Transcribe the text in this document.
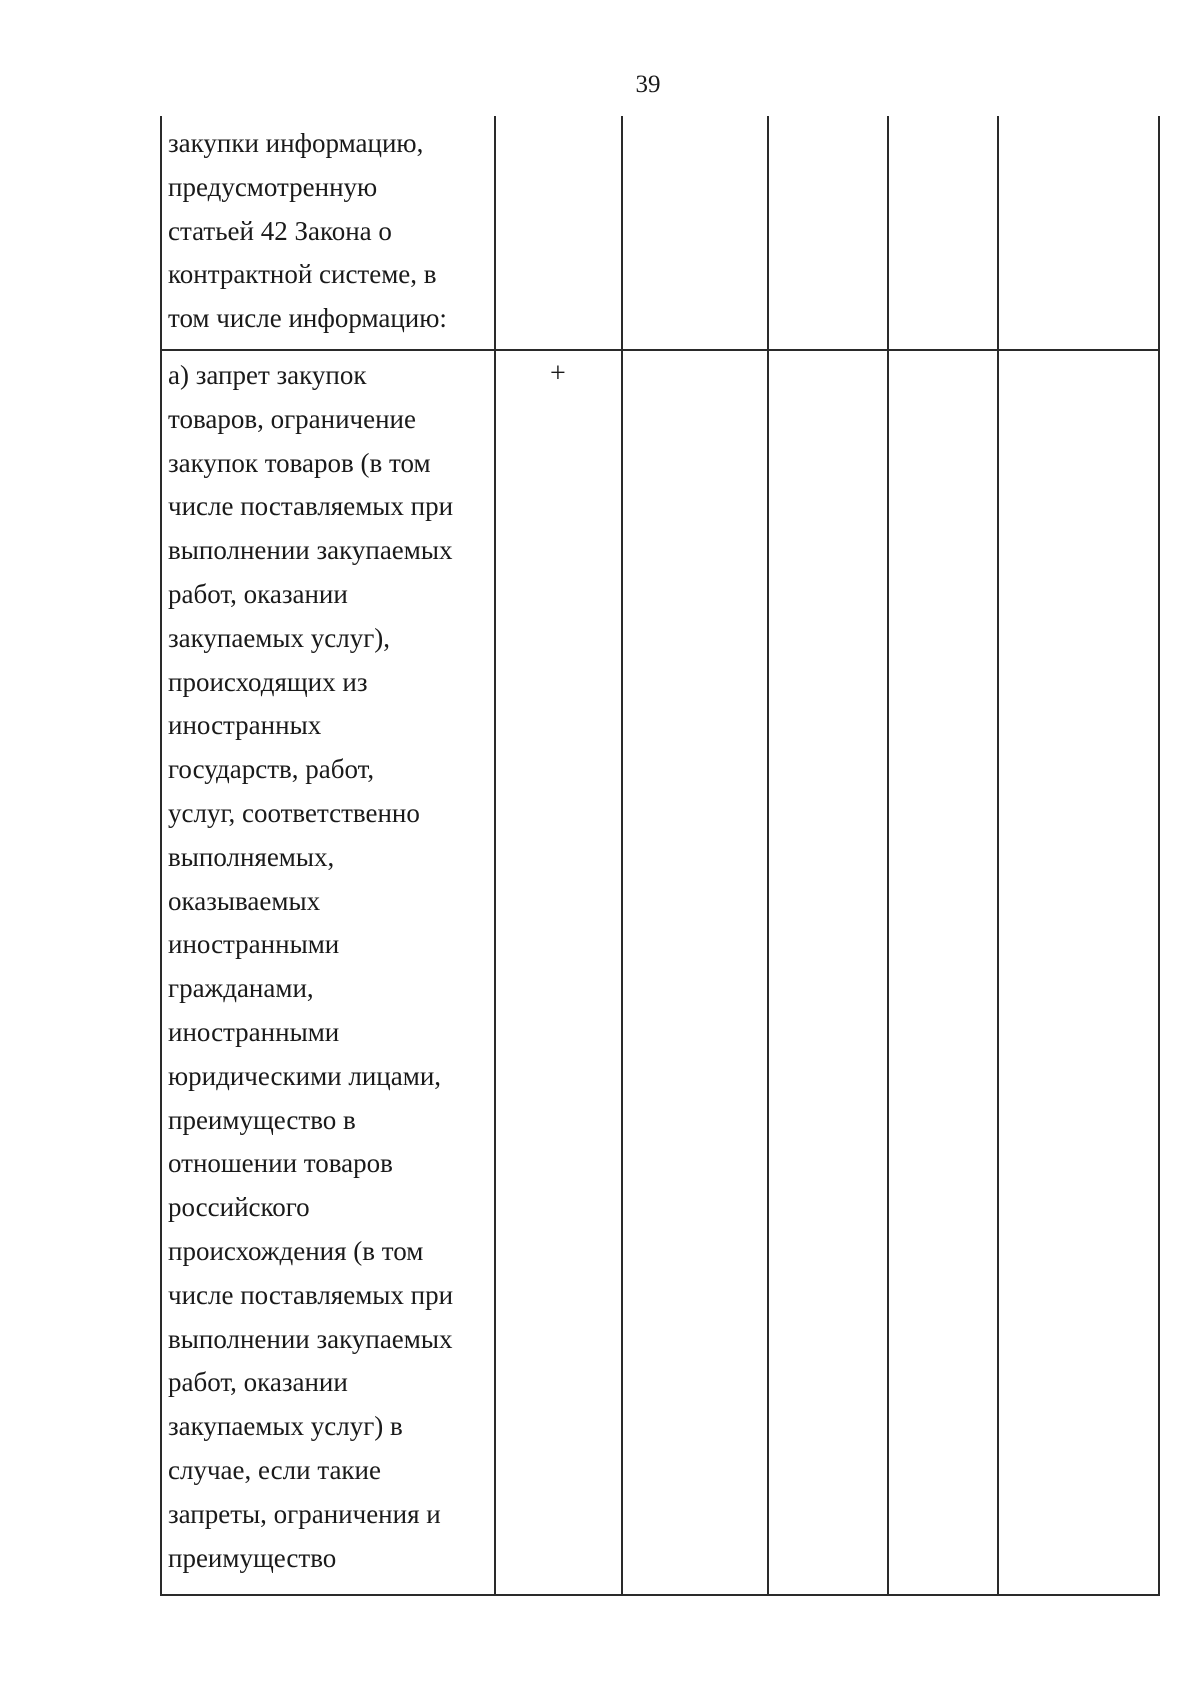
39
закупки информацию,
предусмотренную
статьей 42 Закона о
контрактной системе, в
том числе информацию:
а) запрет закупок
товаров, ограничение
закупок товаров (в том
числе поставляемых при
выполнении закупаемых
работ, оказании
закупаемых услуг),
происходящих из
иностранных
государств, работ,
услуг, соответственно
выполняемых,
оказываемых
иностранными
гражданами,
иностранными
юридическими лицами,
преимущество в
отношении товаров
российского
происхождения (в том
числе поставляемых при
выполнении закупаемых
работ, оказании
закупаемых услуг) в
случае, если такие
запреты, ограничения и
преимущество
+
